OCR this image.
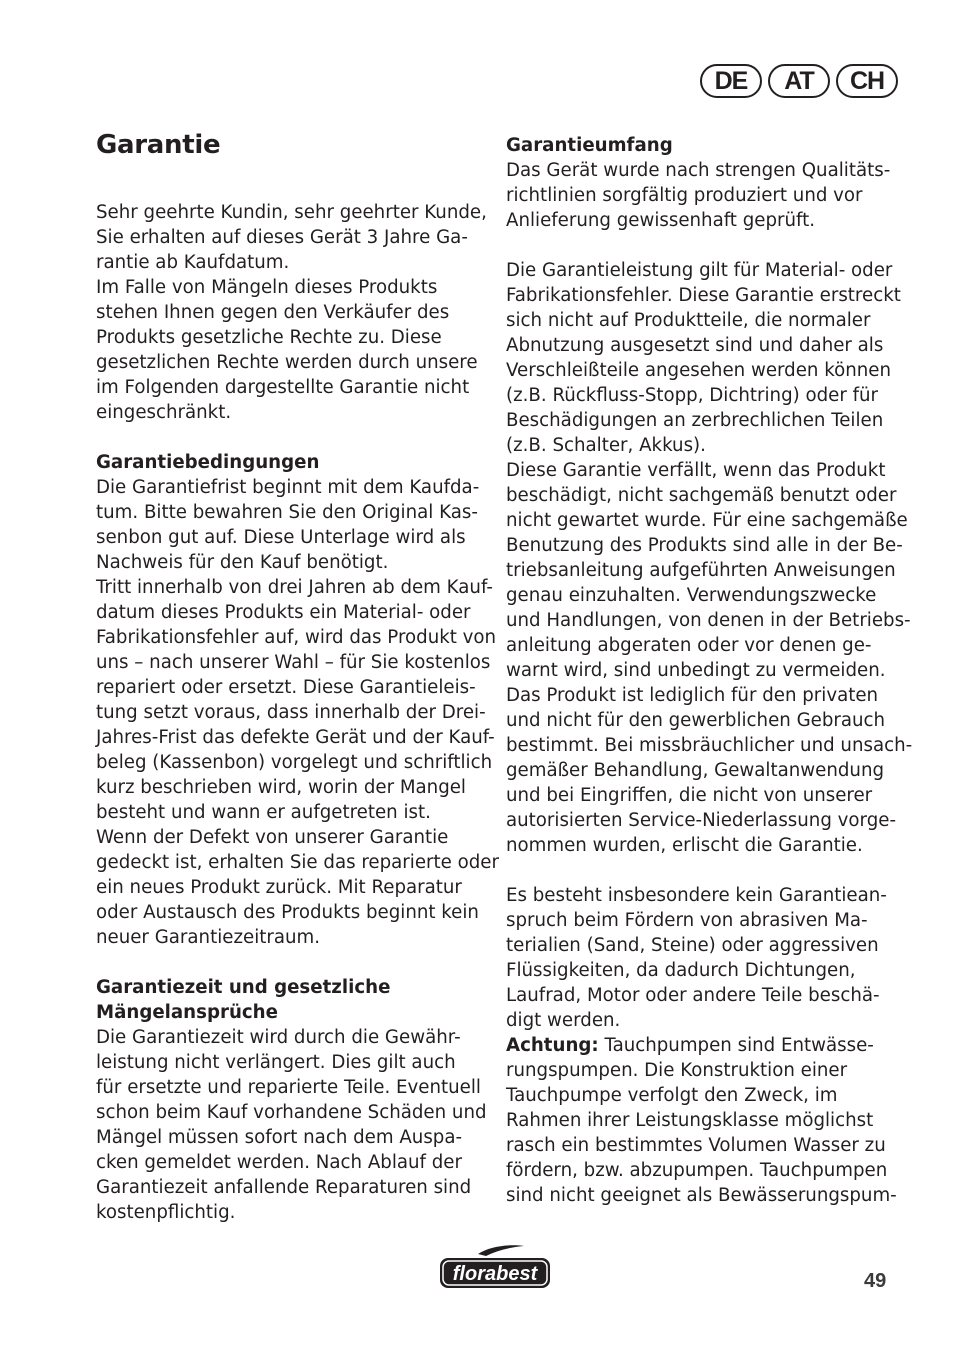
DE	AT	CH
Garantie

Sehr geehrte Kundin, sehr geehrter Kunde,

Sie erhalten auf dieses Gerät 3 Jahre Ga-

rantie ab Kaufdatum.

Im Falle von Mängeln dieses Produkts

stehen Ihnen gegen den Verkäufer des

Produkts gesetzliche Rechte zu. Diese

gesetzlichen Rechte werden durch unsere

im Folgenden dargestellte Garantie nicht

eingeschränkt.

Garantiebedingungen

Die Garantiefrist beginnt mit dem Kaufda-

tum. Bitte bewahren Sie den Original Kas-

senbon gut auf. Diese Unterlage wird als

Nachweis für den Kauf benötigt.

Tritt innerhalb von drei Jahren ab dem Kauf-

datum dieses Produkts ein Material- oder

Fabrikationsfehler auf, wird das Produkt von

uns – nach unserer Wahl – für Sie kostenlos

repariert oder ersetzt. Diese Garantieleis-

tung setzt voraus, dass innerhalb der Drei-

Jahres-Frist das defekte Gerät und der Kauf-

beleg (Kassenbon) vorgelegt und schriftlich

kurz beschrieben wird, worin der Mangel

besteht und wann er aufgetreten ist.

Wenn der Defekt von unserer Garantie

gedeckt ist, erhalten Sie das reparierte oder

ein neues Produkt zurück. Mit Reparatur

oder Austausch des Produkts beginnt kein

neuer Garantiezeitraum.

Garantiezeit und gesetzliche

Mängelansprüche

Die Garantiezeit wird durch die Gewähr-

leistung nicht verlängert. Dies gilt auch

für ersetzte und reparierte Teile. Eventuell

schon beim Kauf vorhandene Schäden und

Mängel müssen sofort nach dem Auspa-

cken gemeldet werden. Nach Ablauf der

Garantiezeit anfallende Reparaturen sind

kostenpflichtig.

Garantieumfang

Das Gerät wurde nach strengen Qualitäts-

richtlinien sorgfältig produziert und vor

Anlieferung gewissenhaft geprüft.

Die Garantieleistung gilt für Material- oder

Fabrikationsfehler. Diese Garantie erstreckt

sich nicht auf Produktteile, die normaler

Abnutzung ausgesetzt sind und daher als

Verschleißteile angesehen werden können

(z.B. Rückfluss-Stopp, Dichtring) oder für

Beschädigungen an zerbrechlichen Teilen

(z.B. Schalter, Akkus).

Diese Garantie verfällt, wenn das Produkt

beschädigt, nicht sachgemäß benutzt oder

nicht gewartet wurde. Für eine sachgemäße

Benutzung des Produkts sind alle in der Be-

triebsanleitung aufgeführten Anweisungen

genau einzuhalten. Verwendungszwecke

und Handlungen, von denen in der Betriebs-

anleitung abgeraten oder vor denen ge-

warnt wird, sind unbedingt zu vermeiden.

Das Produkt ist lediglich für den privaten

und nicht für den gewerblichen Gebrauch

bestimmt. Bei missbräuchlicher und unsach-

gemäßer Behandlung, Gewaltanwendung

und bei Eingriffen, die nicht von unserer

autorisierten Service-Niederlassung vorge-

nommen wurden, erlischt die Garantie.

Es besteht insbesondere kein Garantiean-

spruch beim Fördern von abrasiven Ma-

terialien (Sand, Steine) oder aggressiven

Flüssigkeiten, da dadurch Dichtungen,

Laufrad, Motor oder andere Teile beschä-

digt werden.

Achtung: Tauchpumpen sind Entwässe-

rungspumpen. Die Konstruktion einer

Tauchpumpe verfolgt den Zweck, im

Rahmen ihrer Leistungsklasse möglichst

rasch ein bestimmtes Volumen Wasser zu

fördern, bzw. abzupumpen. Tauchpumpen

sind nicht geeignet als Bewässerungspum-

florabest	49
